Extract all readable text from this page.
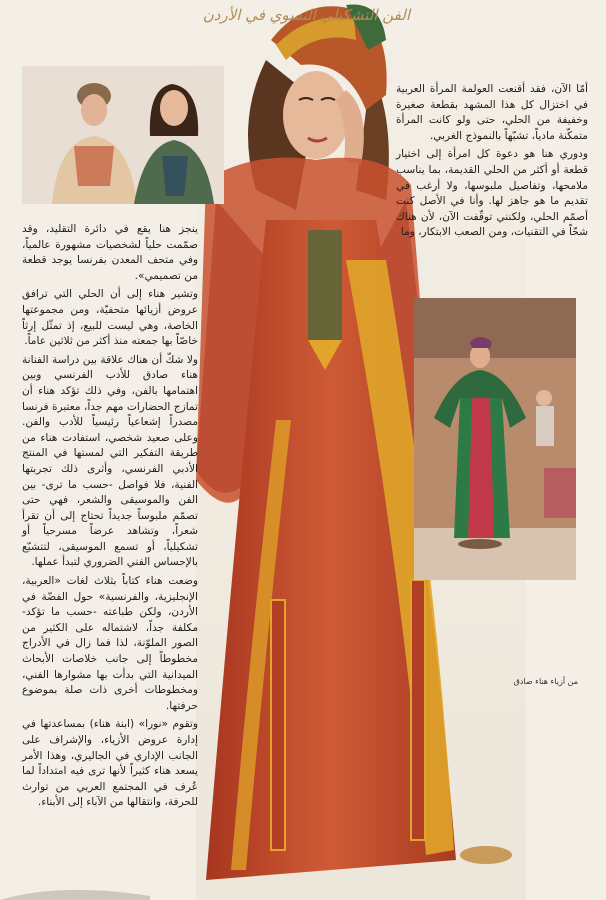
الفن التشكيلي النسوي في الأردن
من أزياء هناء صادق

أمّا الآن، فقد أقنعت العولمة المرأة العربية في اختزال كل هذا المشهد بقطعة صغيرة وخفيفة من الحلي، حتى ولو كانت المرأة متمكّنة مادياً، تشبّهاً بالنموذج الغربي.

ودوري هنا هو دعوة كل امرأة إلى اختيار قطعة أو أكثر من الحلي القديمة، بما يناسب ملامحها، وتفاصيل ملبوسها، ولا أرغب في تقديم ما هو جاهز لها. وأنا في الأصل كنت أصمّم الحلي، ولكنني توقّفت الآن، لأن هناك شحّاً في التقنيات، ومن الصعب الابتكار، وما

ينجز هنا يقع في دائرة التقليد، وقد صمّمت حلياً لشخصيات مشهورة عالمياً، وفي متحف المعدن بفرنسا يوجد قطعة من تصميمي».

وتشير هناء إلى أن الحلي التي ترافق عروض أزيائها متحفيّة، ومن مجموعتها الخاصة، وهي ليست للبيع، إذ تمثّل إرثاً خاصّاً بها جمعته منذ أكثر من ثلاثين عاماً.

ولا شكّ أن هناك علاقة بين دراسة الفنانة هناء صادق للأدب الفرنسي وبين اهتمامها بالفن، وفي ذلك تؤكد هناء أن تمازج الحضارات مهم جداً، معتبرة فرنسا مصدراً إشعاعياً رئيسياً للأدب والفن. وعلى صعيد شخصي، استفادت هناء من طريقة التفكير التي لمستها في المنتج الأدبي الفرنسي، وأثرى ذلك تجربتها الفنية، فلا فواصل -حسب ما ترى- بين الفن والموسيقى والشعر، فهي حتى تصمّم ملبوساً جديداً تحتاج إلى أن تقرأ شعراً، وتشاهد عرضاً مسرحياً أو تشكيلياً، أو تسمع الموسيقى، لتتشبّع بالإحساس الفني الضروري لتبدأ عملها.

وضعت هناء كتاباً بثلاث لغات «العربية، الإنجليزية، والفرنسية» حول الفضّة في الأردن، ولكن طباعته -حسب ما تؤكد- مكلفة جداً، لاشتماله على الكثير من الصور الملوّنة، لذا فما زال في الأدراج مخطوطاً إلى جانب خلاصات الأبحاث الميدانية التي بدأت بها مشوارها الفني، ومخطوطات أخرى ذات صلة بموضوع حرفتها.

وتقوم «نورا» (ابنة هناء) بمساعدتها في إدارة عروض الأزياء، والإشراف على الجانب الإداري في الجاليري، وهذا الأمر يسعد هناء كثيراً لأنها ترى فيه امتداداً لما عُرف في المجتمع العربي من توارث للحرفة، وانتقالها من الآباء إلى الأبناء.
